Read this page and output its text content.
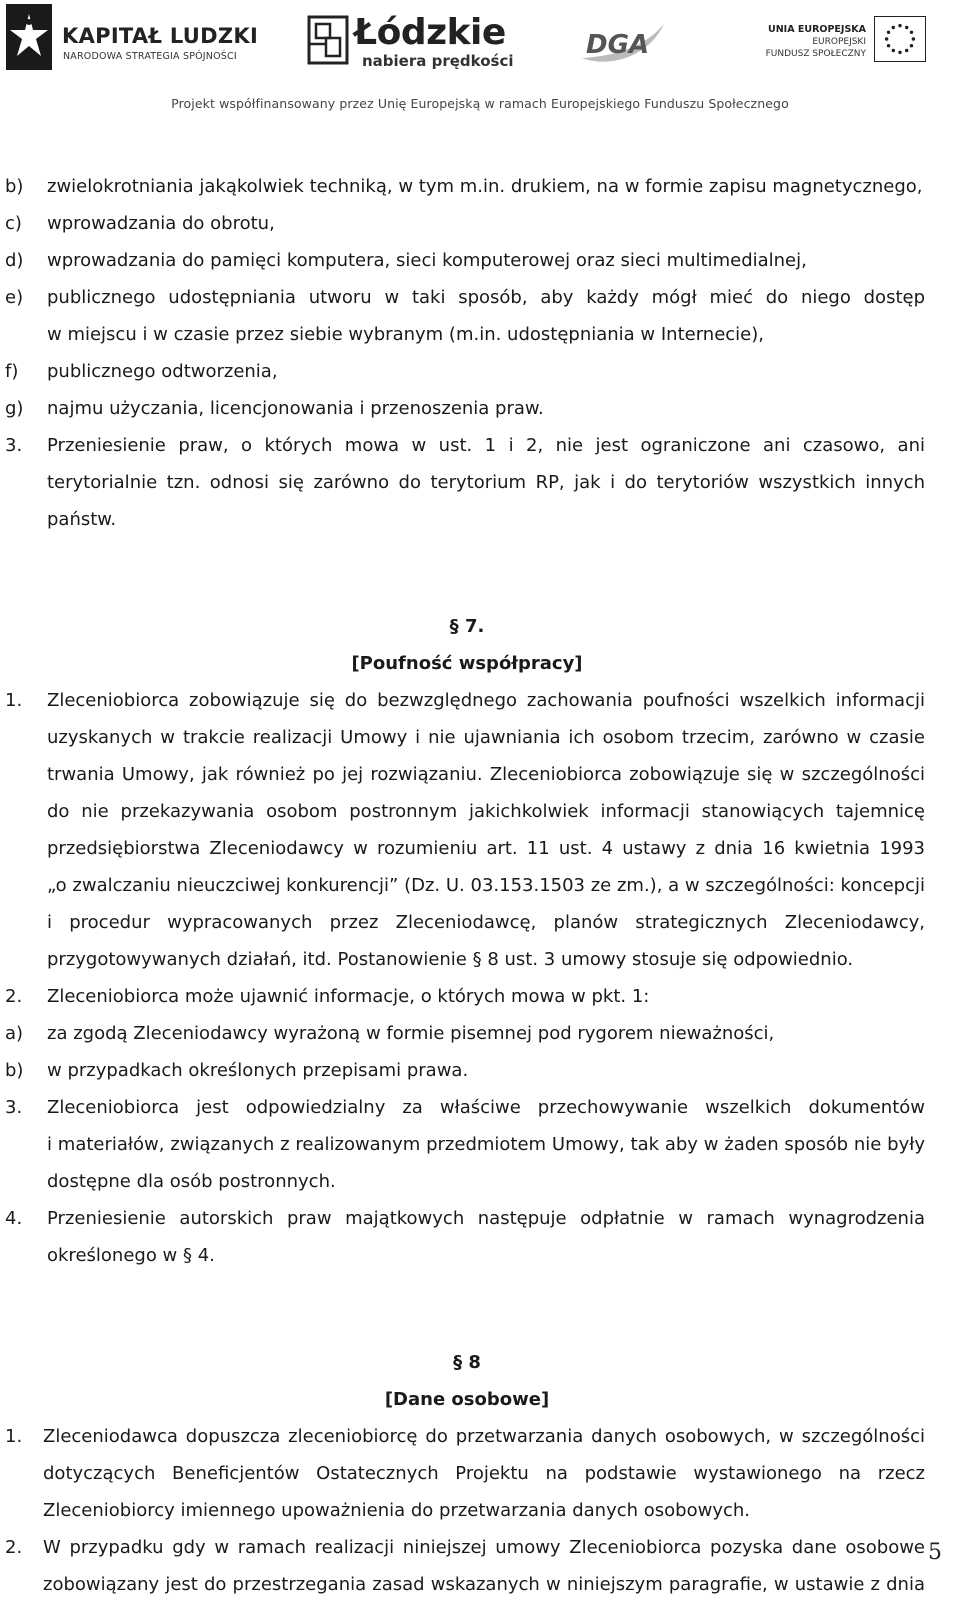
KAPITAŁ LUDZKI
NARODOWA STRATEGIA SPÓJNOŚCI
Łódzkie
nabiera prędkości
DGA
UNIA EUROPEJSKA
EUROPEJSKI
FUNDUSZ SPOŁECZNY
Projekt współfinansowany przez Unię Europejską w ramach Europejskiego Funduszu Społecznego
b) zwielokrotniania jakąkolwiek techniką, w tym m.in. drukiem, na w formie zapisu magnetycznego,
c) wprowadzania do obrotu,
d) wprowadzania do pamięci komputera, sieci komputerowej oraz sieci multimedialnej,
e) publicznego udostępniania utworu w taki sposób, aby każdy mógł mieć do niego dostęp
w miejscu i w czasie przez siebie wybranym (m.in. udostępniania w Internecie),
f) publicznego odtworzenia,
g) najmu użyczania, licencjonowania i przenoszenia praw.
3. Przeniesienie praw, o których mowa w ust. 1 i 2, nie jest ograniczone ani czasowo, ani
terytorialnie tzn. odnosi się zarówno do terytorium RP, jak i do terytoriów wszystkich innych
państw.
§ 7.
[Poufność współpracy]
1. Zleceniobiorca zobowiązuje się do bezwzględnego zachowania poufności wszelkich informacji
uzyskanych w trakcie realizacji Umowy i nie ujawniania ich osobom trzecim, zarówno w czasie
trwania Umowy, jak również po jej rozwiązaniu. Zleceniobiorca zobowiązuje się w szczególności
do nie przekazywania osobom postronnym jakichkolwiek informacji stanowiących tajemnicę
przedsiębiorstwa Zleceniodawcy w rozumieniu art. 11 ust. 4 ustawy z dnia 16 kwietnia 1993
„o zwalczaniu nieuczciwej konkurencji” (Dz. U. 03.153.1503 ze zm.), a w szczególności: koncepcji
i procedur wypracowanych przez Zleceniodawcę, planów strategicznych Zleceniodawcy,
przygotowywanych działań, itd. Postanowienie § 8 ust. 3 umowy stosuje się odpowiednio.
2. Zleceniobiorca może ujawnić informacje, o których mowa w pkt. 1:
a) za zgodą Zleceniodawcy wyrażoną w formie pisemnej pod rygorem nieważności,
b) w przypadkach określonych przepisami prawa.
3. Zleceniobiorca jest odpowiedzialny za właściwe przechowywanie wszelkich dokumentów
i materiałów, związanych z realizowanym przedmiotem Umowy, tak aby w żaden sposób nie były
dostępne dla osób postronnych.
4. Przeniesienie autorskich praw majątkowych następuje odpłatnie w ramach wynagrodzenia
określonego w § 4.
§ 8
[Dane osobowe]
1. Zleceniodawca dopuszcza zleceniobiorcę do przetwarzania danych osobowych, w szczególności
dotyczących Beneficjentów Ostatecznych Projektu na podstawie wystawionego na rzecz
Zleceniobiorcy imiennego upoważnienia do przetwarzania danych osobowych.
2. W przypadku gdy w ramach realizacji niniejszej umowy Zleceniobiorca pozyska dane osobowe
zobowiązany jest do przestrzegania zasad wskazanych w niniejszym paragrafie, w ustawie z dnia
5
